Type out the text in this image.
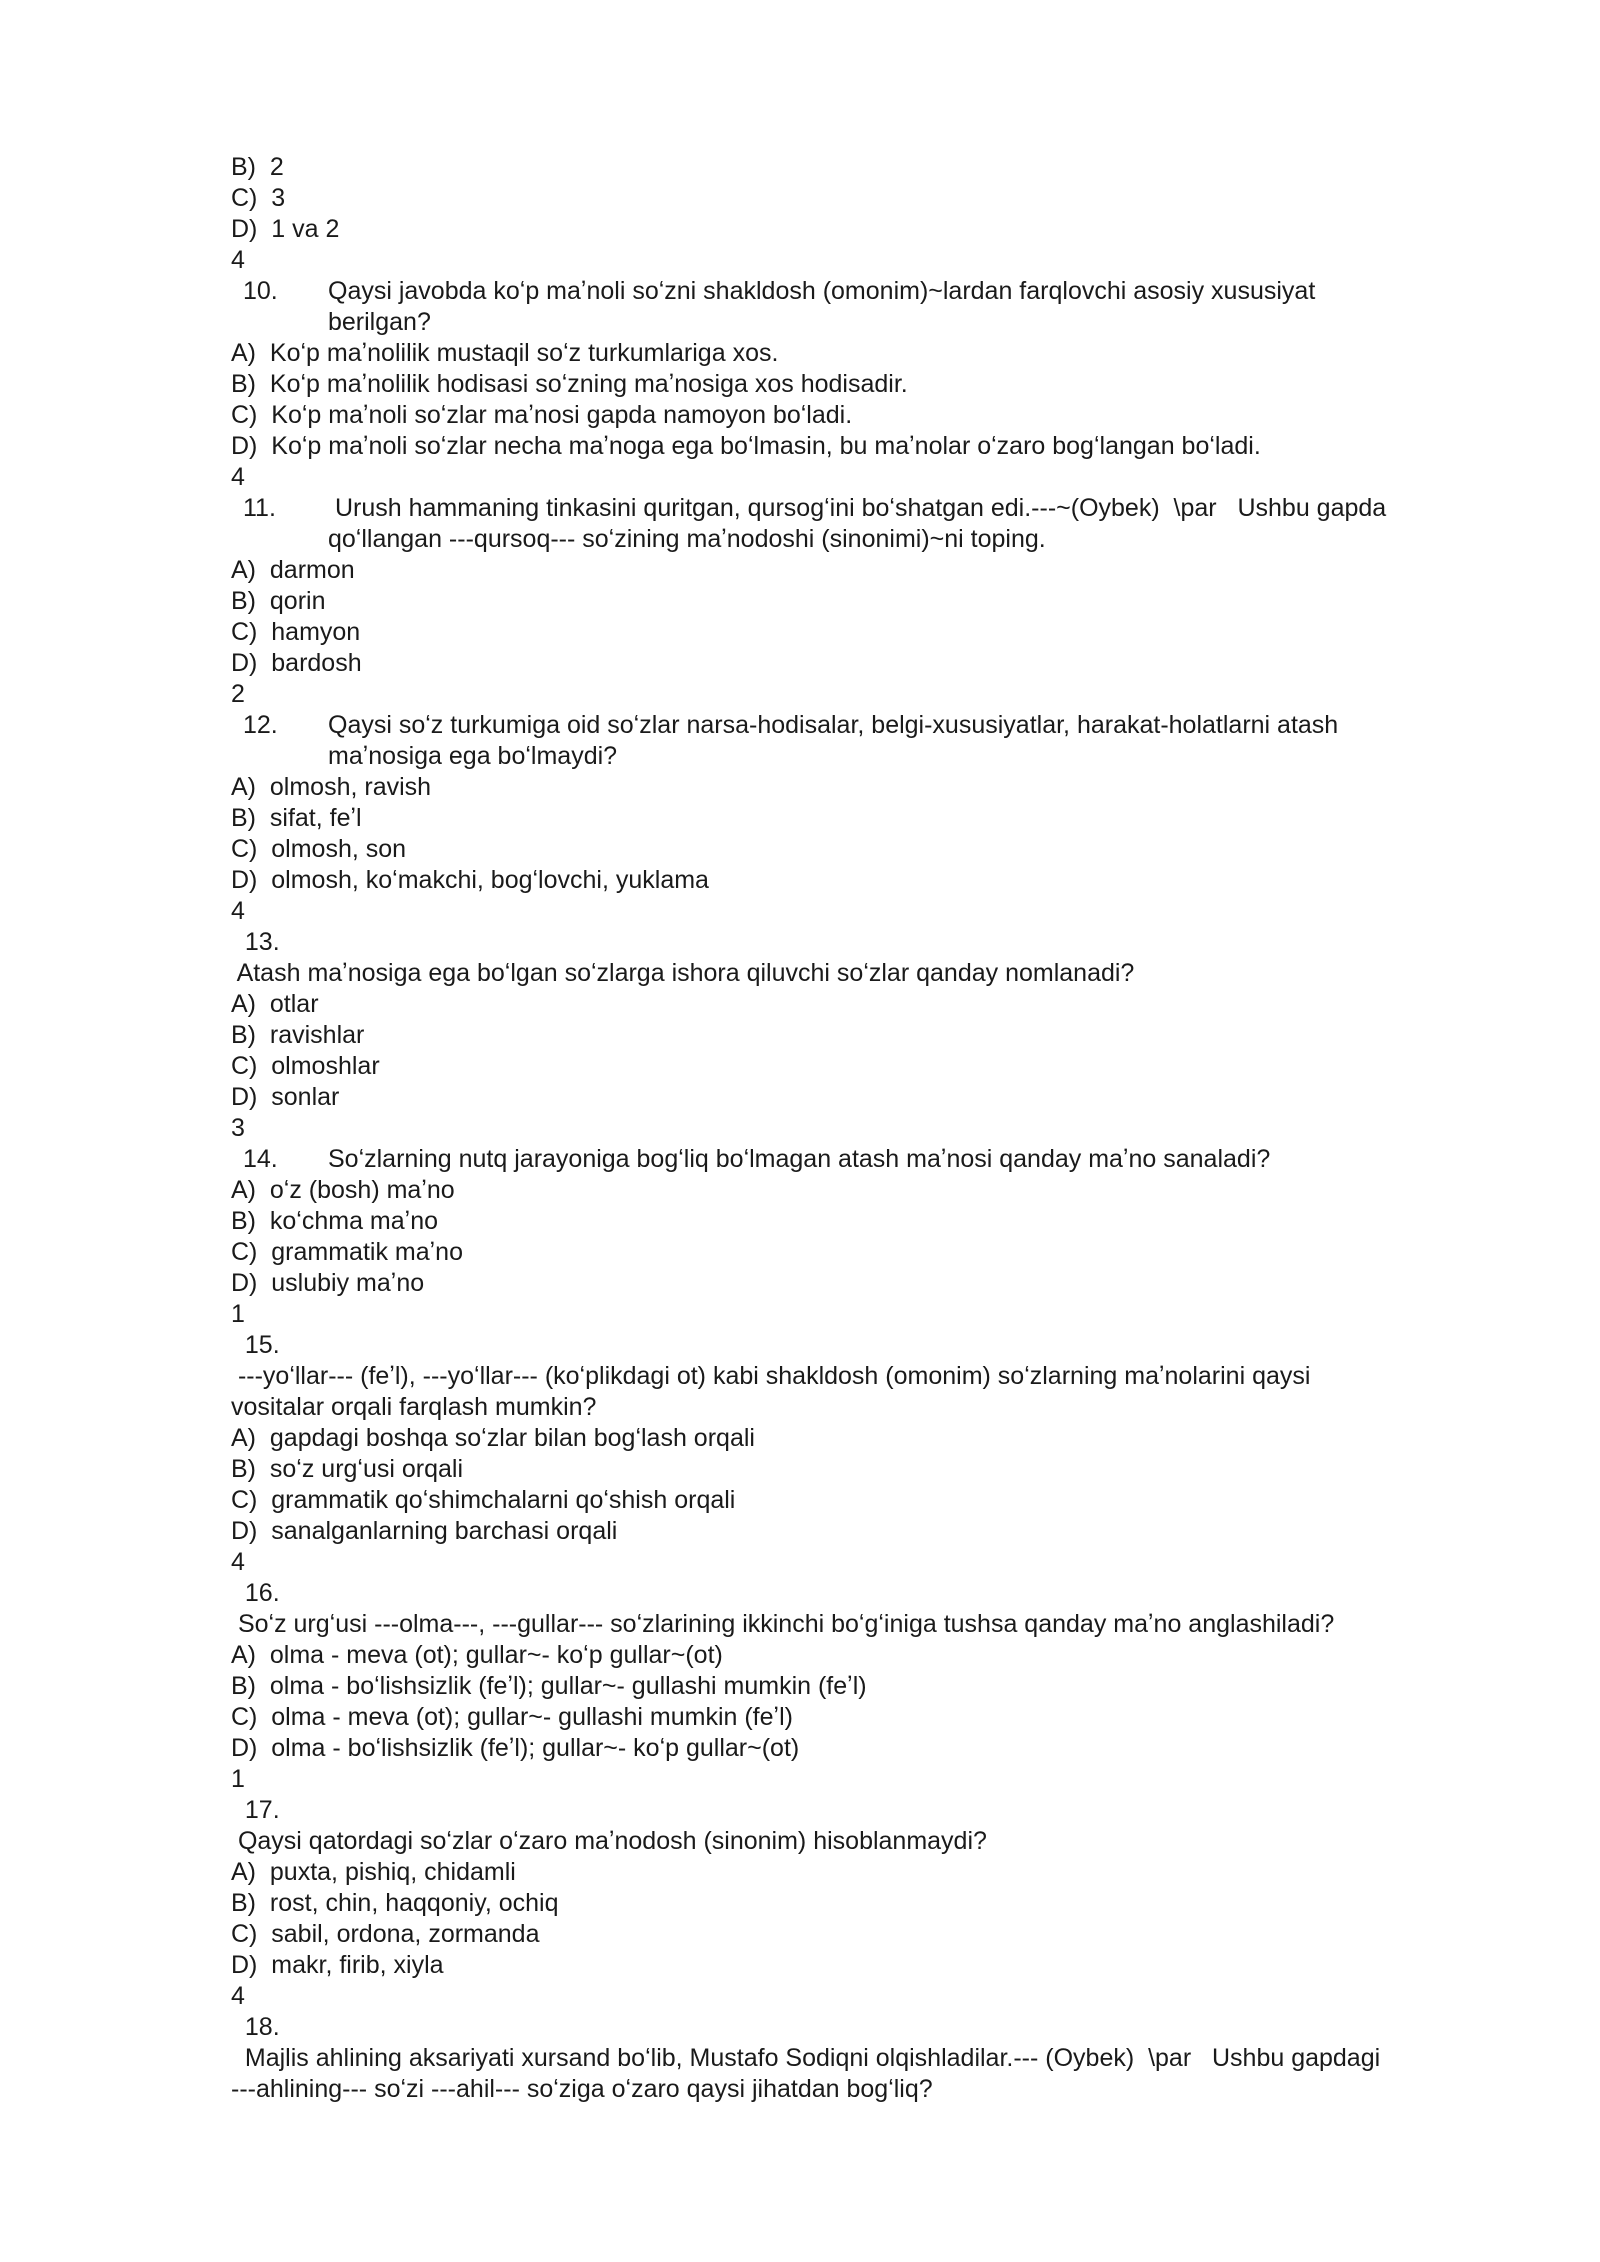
B)  2
C)  3
D)  1 va 2
4
10. Qaysi javobda koʻp maʼnoli soʻzni shakldosh (omonim)~lardan farqlovchi asosiy xususiyat
berilgan?
A)  Koʻp maʼnolilik mustaqil soʻz turkumlariga xos.
B)  Koʻp maʼnolilik hodisasi soʻzning maʼnosiga xos hodisadir.
C)  Koʻp maʼnoli soʻzlar maʼnosi gapda namoyon boʻladi.
D)  Koʻp maʼnoli soʻzlar necha maʼnoga ega boʻlmasin, bu maʼnolar oʻzaro bogʻlangan boʻladi.
4
11. Urush hammaning tinkasini quritgan, qursogʻini boʻshatgan edi.---~(Oybek)  \par   Ushbu gapda
qoʻllangan ---qursoq--- soʻzining maʼnodoshi (sinonimi)~ni toping.
A)  darmon
B)  qorin
C)  hamyon
D)  bardosh
2
12. Qaysi soʻz turkumiga oid soʻzlar narsa-hodisalar, belgi-xususiyatlar, harakat-holatlarni atash
maʼnosiga ega boʻlmaydi?
A)  olmosh, ravish
B)  sifat, feʼl
C)  olmosh, son
D)  olmosh, koʻmakchi, bogʻlovchi, yuklama
4
13.
Atash maʼnosiga ega boʻlgan soʻzlarga ishora qiluvchi soʻzlar qanday nomlanadi?
A)  otlar
B)  ravishlar
C)  olmoshlar
D)  sonlar
3
14. Soʻzlarning nutq jarayoniga bogʻliq boʻlmagan atash maʼnosi qanday maʼno sanaladi?
A)  oʻz (bosh) maʼno
B)  koʻchma maʼno
C)  grammatik maʼno
D)  uslubiy maʼno
1
15.
---yoʻllar--- (feʼl), ---yoʻllar--- (koʻplikdagi ot) kabi shakldosh (omonim) soʻzlarning maʼnolarini qaysi
vositalar orqali farqlash mumkin?
A)  gapdagi boshqa soʻzlar bilan bogʻlash orqali
B)  soʻz urgʻusi orqali
C)  grammatik qoʻshimchalarni qoʻshish orqali
D)  sanalganlarning barchasi orqali
4
16.
Soʻz urgʻusi ---olma---, ---gullar--- soʻzlarining ikkinchi boʻgʻiniga tushsa qanday maʼno anglashiladi?
A)  olma - meva (ot); gullar~- koʻp gullar~(ot)
B)  olma - boʻlishsizlik (feʼl); gullar~- gullashi mumkin (feʼl)
C)  olma - meva (ot); gullar~- gullashi mumkin (feʼl)
D)  olma - boʻlishsizlik (feʼl); gullar~- koʻp gullar~(ot)
1
17.
Qaysi qatordagi soʻzlar oʻzaro maʼnodosh (sinonim) hisoblanmaydi?
A)  puxta, pishiq, chidamli
B)  rost, chin, haqqoniy, ochiq
C)  sabil, ordona, zormanda
D)  makr, firib, xiyla
4
18.
Majlis ahlining aksariyati xursand boʻlib, Mustafo Sodiqni olqishladilar.--- (Oybek)  \par   Ushbu gapdagi
---ahlining--- soʻzi ---ahil--- soʻziga oʻzaro qaysi jihatdan bogʻliq?
